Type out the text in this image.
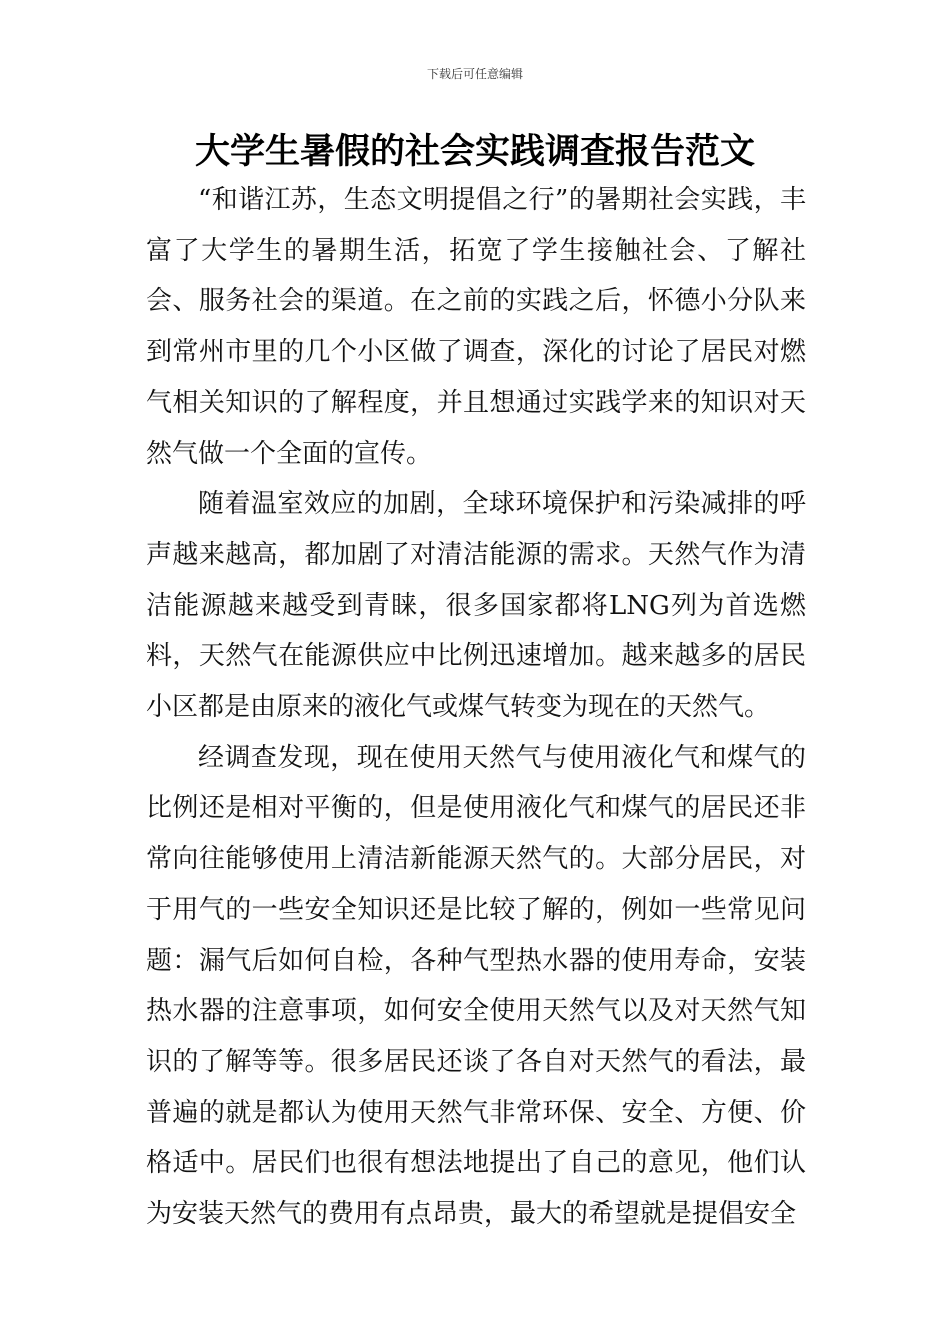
下载后可任意编辑
大学生暑假的社会实践调查报告范文

“和谐江苏，生态文明提倡之行”的暑期社会实践，丰富了大学生的暑期生活，拓宽了学生接触社会、了解社会、服务社会的渠道。在之前的实践之后，怀德小分队来到常州市里的几个小区做了调查，深化的讨论了居民对燃气相关知识的了解程度，并且想通过实践学来的知识对天然气做一个全面的宣传。

随着温室效应的加剧，全球环境保护和污染减排的呼声越来越高，都加剧了对清洁能源的需求。天然气作为清洁能源越来越受到青睐，很多国家都将LNG列为首选燃料，天然气在能源供应中比例迅速增加。越来越多的居民小区都是由原来的液化气或煤气转变为现在的天然气。

经调查发现，现在使用天然气与使用液化气和煤气的比例还是相对平衡的，但是使用液化气和煤气的居民还非常向往能够使用上清洁新能源天然气的。大部分居民，对于用气的一些安全知识还是比较了解的，例如一些常见问题：漏气后如何自检，各种气型热水器的使用寿命，安装热水器的注意事项，如何安全使用天然气以及对天然气知识的了解等等。很多居民还谈了各自对天然气的看法，最普遍的就是都认为使用天然气非常环保、安全、方便、价格适中。居民们也很有想法地提出了自己的意见，他们认为安装天然气的费用有点昂贵，最大的希望就是提倡安全
